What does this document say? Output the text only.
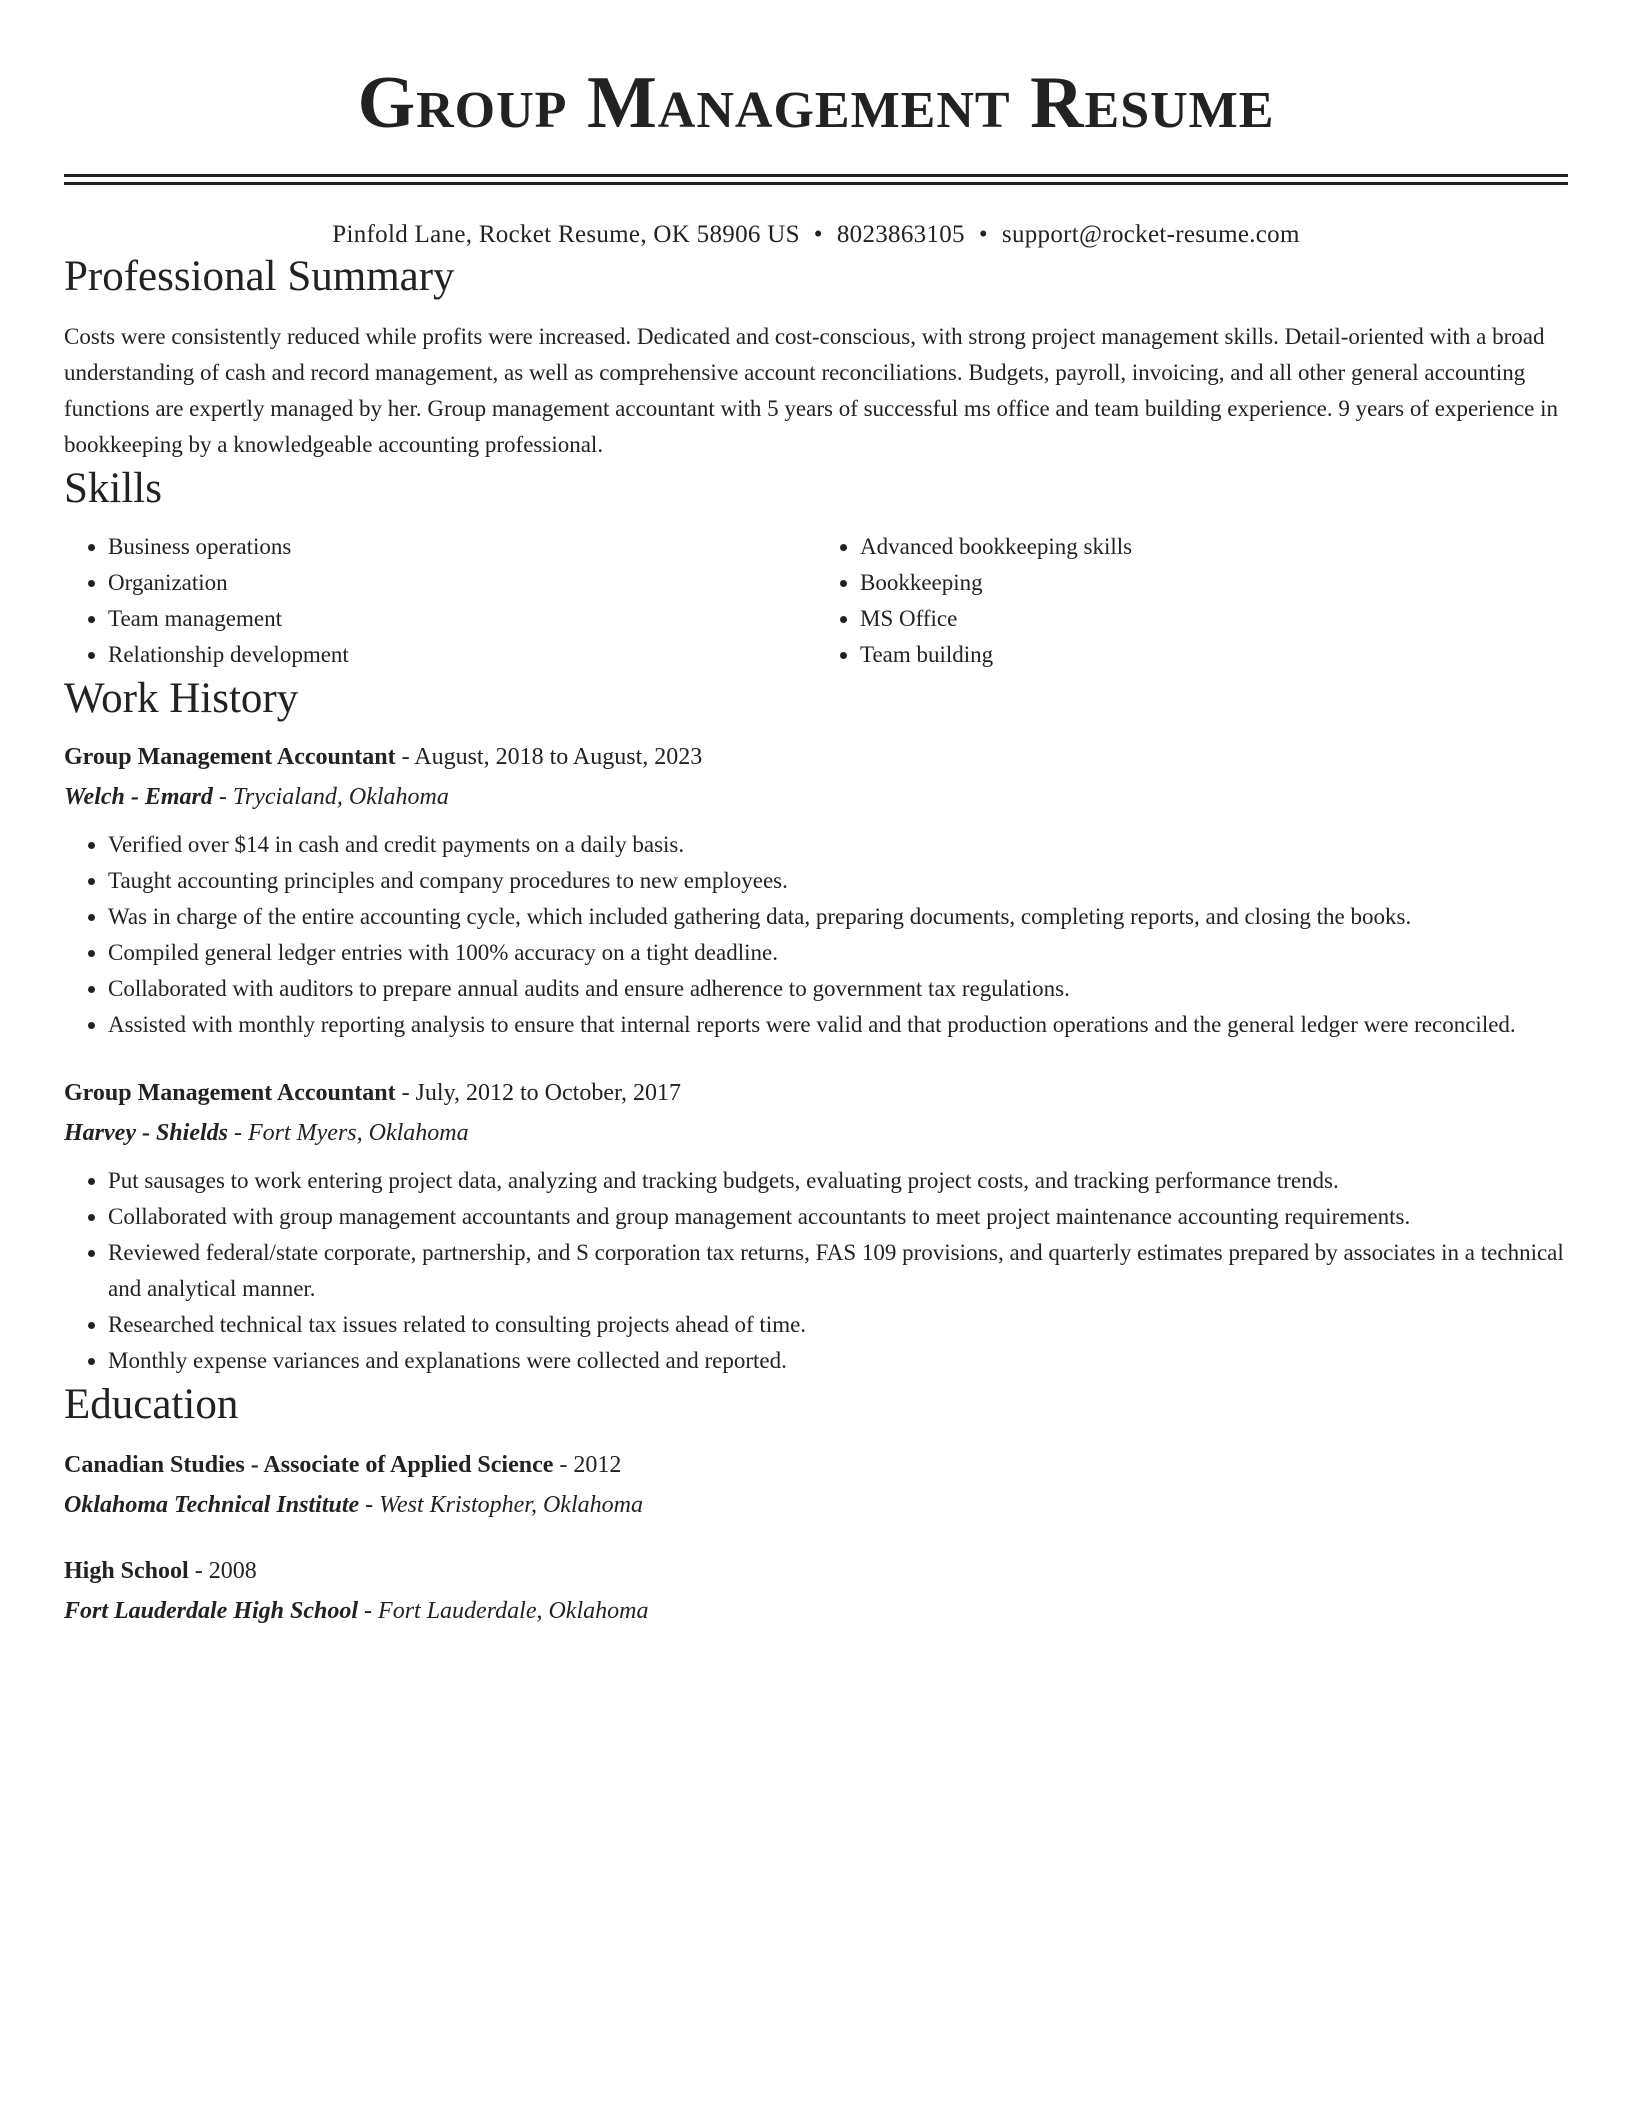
Group Management Resume
Pinfold Lane, Rocket Resume, OK 58906 US • 8023863105 • support@rocket-resume.com
Professional Summary

Costs were consistently reduced while profits were increased. Dedicated and cost-conscious, with strong project management skills. Detail-oriented with a broad understanding of cash and record management, as well as comprehensive account reconciliations. Budgets, payroll, invoicing, and all other general accounting functions are expertly managed by her. Group management accountant with 5 years of successful ms office and team building experience. 9 years of experience in bookkeeping by a knowledgeable accounting professional.

Skills
• Business operations
• Organization
• Team management
• Relationship development
• Advanced bookkeeping skills
• Bookkeeping
• MS Office
• Team building
Work History
Group Management Accountant - August, 2018 to August, 2023
Welch - Emard - Trycialand, Oklahoma
• Verified over $14 in cash and credit payments on a daily basis.
• Taught accounting principles and company procedures to new employees.
• Was in charge of the entire accounting cycle, which included gathering data, preparing documents, completing reports, and closing the books.
• Compiled general ledger entries with 100% accuracy on a tight deadline.
• Collaborated with auditors to prepare annual audits and ensure adherence to government tax regulations.
• Assisted with monthly reporting analysis to ensure that internal reports were valid and that production operations and the general ledger were reconciled.
Group Management Accountant - July, 2012 to October, 2017
Harvey - Shields - Fort Myers, Oklahoma
• Put sausages to work entering project data, analyzing and tracking budgets, evaluating project costs, and tracking performance trends.
• Collaborated with group management accountants and group management accountants to meet project maintenance accounting requirements.
• Reviewed federal/state corporate, partnership, and S corporation tax returns, FAS 109 provisions, and quarterly estimates prepared by associates in a technical and analytical manner.
• Researched technical tax issues related to consulting projects ahead of time.
• Monthly expense variances and explanations were collected and reported.
Education
Canadian Studies - Associate of Applied Science - 2012
Oklahoma Technical Institute - West Kristopher, Oklahoma
High School - 2008
Fort Lauderdale High School - Fort Lauderdale, Oklahoma
